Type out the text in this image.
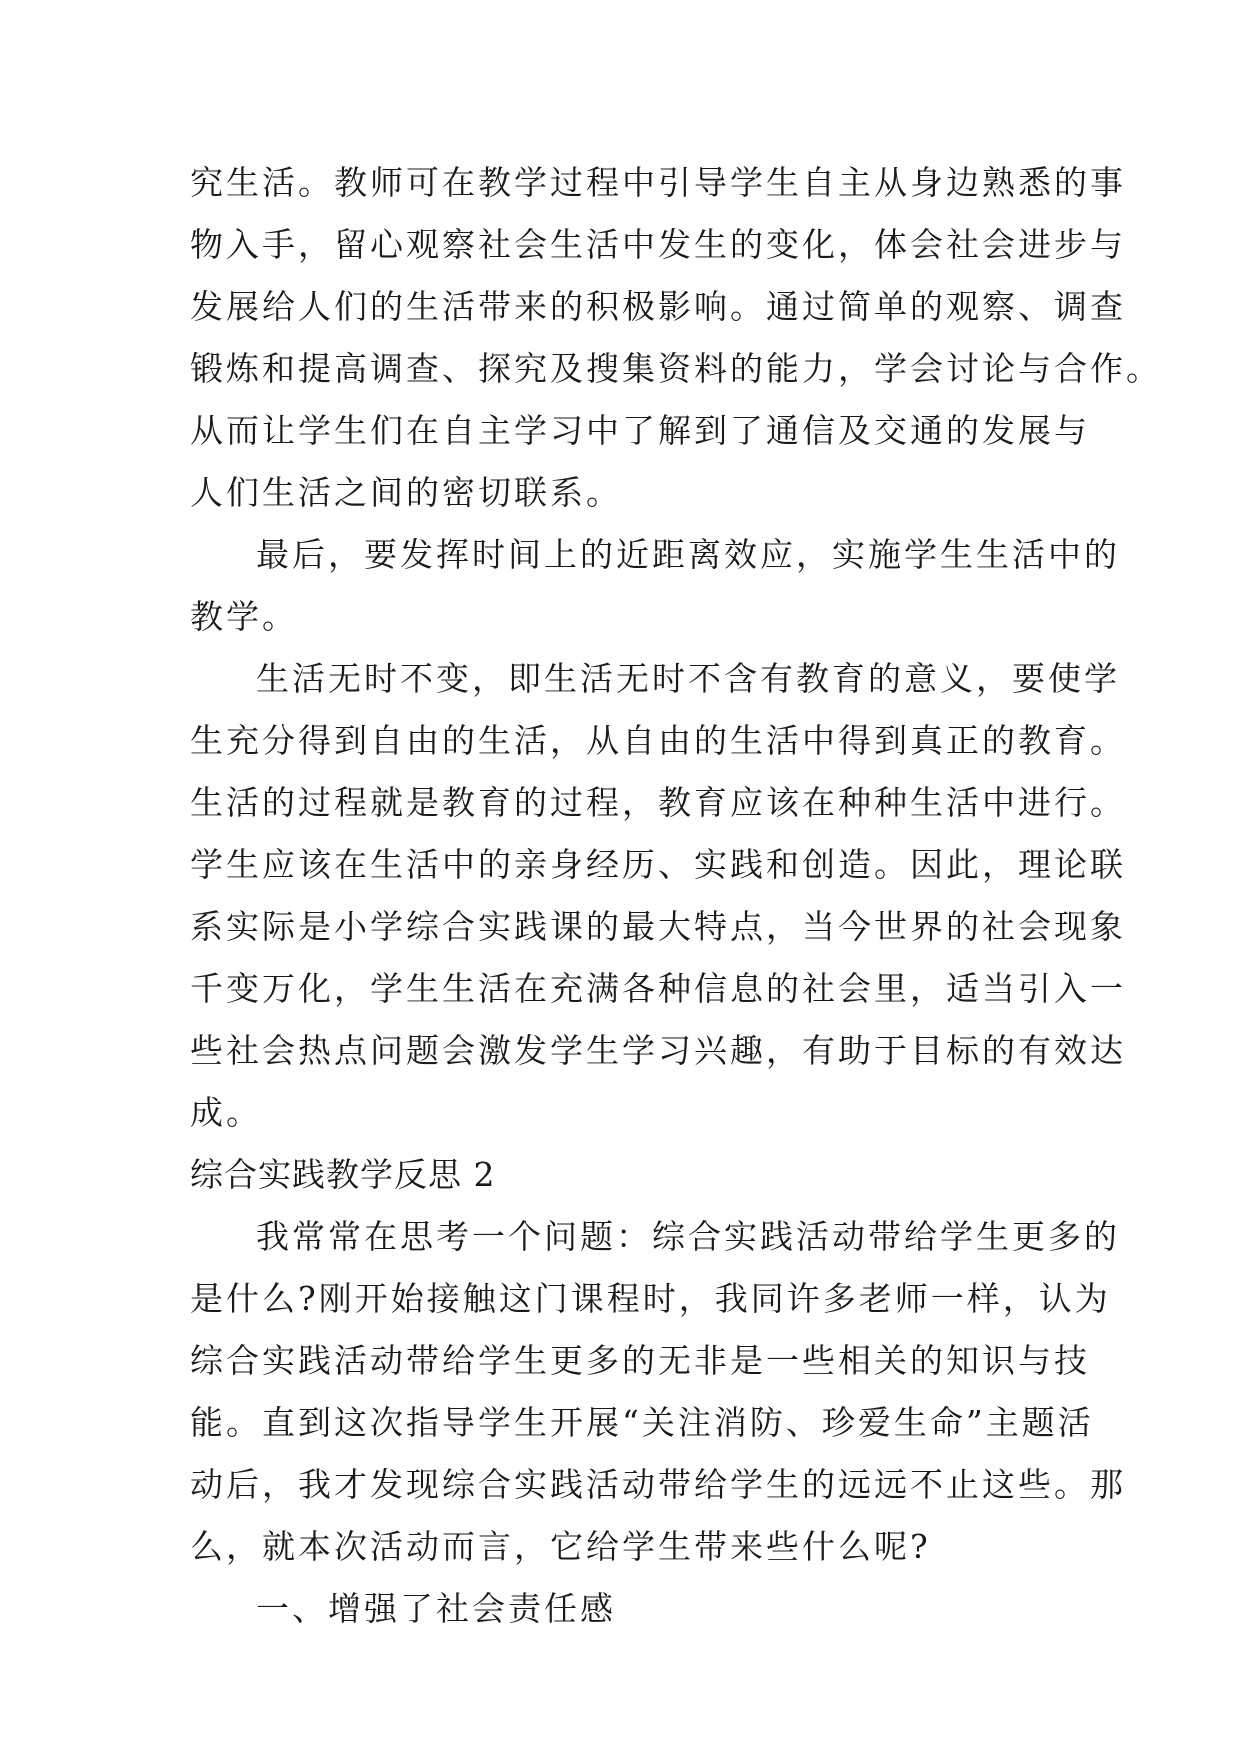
究生活。教师可在教学过程中引导学生自主从身边熟悉的事
物入手，留心观察社会生活中发生的变化，体会社会进步与
发展给人们的生活带来的积极影响。通过简单的观察、调查
锻炼和提高调查、探究及搜集资料的能力，学会讨论与合作。
从而让学生们在自主学习中了解到了通信及交通的发展与
人们生活之间的密切联系。
最后，要发挥时间上的近距离效应，实施学生生活中的
教学。
生活无时不变，即生活无时不含有教育的意义，要使学
生充分得到自由的生活，从自由的生活中得到真正的教育。
生活的过程就是教育的过程，教育应该在种种生活中进行。
学生应该在生活中的亲身经历、实践和创造。因此，理论联
系实际是小学综合实践课的最大特点，当今世界的社会现象
千变万化，学生生活在充满各种信息的社会里，适当引入一
些社会热点问题会激发学生学习兴趣，有助于目标的有效达
成。
综合实践教学反思 2
我常常在思考一个问题：综合实践活动带给学生更多的
是什么?刚开始接触这门课程时，我同许多老师一样，认为
综合实践活动带给学生更多的无非是一些相关的知识与技
能。直到这次指导学生开展“关注消防、珍爱生命”主题活
动后，我才发现综合实践活动带给学生的远远不止这些。那
么，就本次活动而言，它给学生带来些什么呢?
一、增强了社会责任感
